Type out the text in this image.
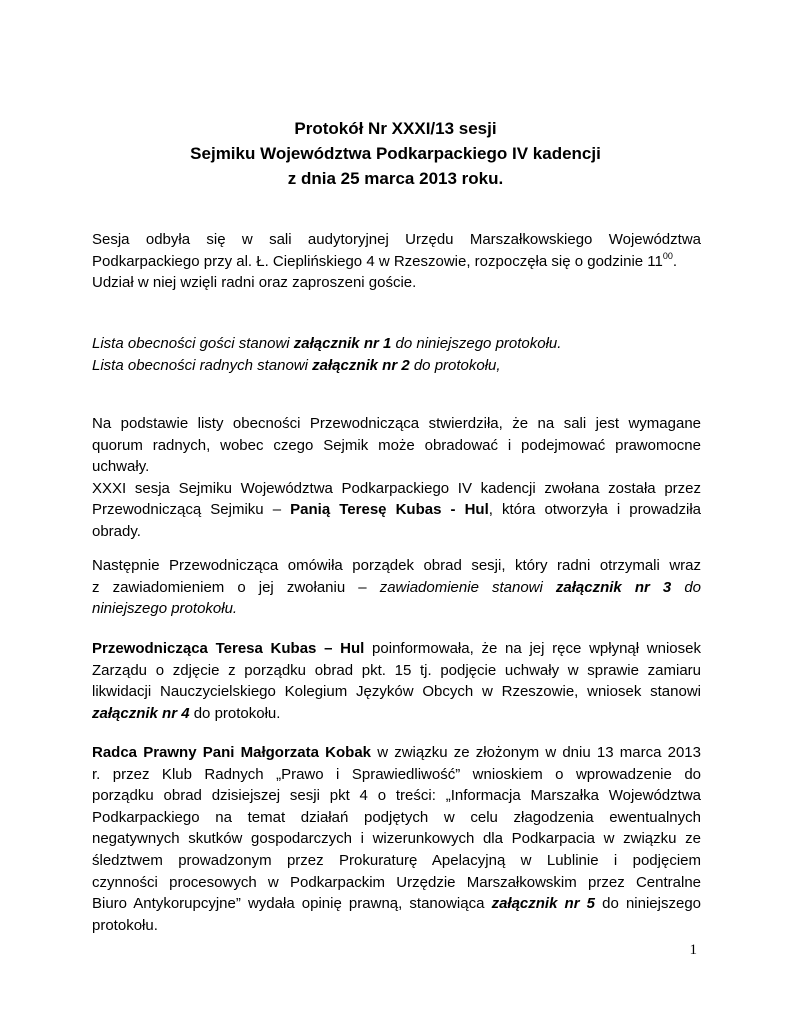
Protokół Nr XXXI/13 sesji
Sejmiku Województwa Podkarpackiego IV kadencji
z dnia 25 marca 2013 roku.
Sesja odbyła się w sali audytoryjnej Urzędu Marszałkowskiego Województwa
Podkarpackiego przy al. Ł. Cieplińskiego 4 w Rzeszowie, rozpoczęła się o godzinie $11^{00}$.
Udział w niej wzięli radni oraz zaproszeni goście.
Lista obecności gości stanowi załącznik nr 1 do niniejszego protokołu.
Lista obecności radnych stanowi załącznik nr 2 do protokołu,
Na podstawie listy obecności Przewodnicząca stwierdziła, że na sali jest wymagane
quorum radnych, wobec czego Sejmik może obradować i podejmować prawomocne
uchwały.
XXXI sesja Sejmiku Województwa Podkarpackiego IV kadencji zwołana została przez
Przewodniczącą Sejmiku – Panią Teresę Kubas - Hul, która otworzyła i prowadziła
obrady.
Następnie Przewodnicząca omówiła porządek obrad sesji, który radni otrzymali wraz
z zawiadomieniem o jej zwołaniu – zawiadomienie stanowi załącznik nr 3 do
niniejszego protokołu.
Przewodnicząca Teresa Kubas – Hul poinformowała, że na jej ręce wpłynął wniosek
Zarządu o zdjęcie z porządku obrad pkt. 15 tj. podjęcie uchwały w sprawie zamiaru
likwidacji Nauczycielskiego Kolegium Języków Obcych w Rzeszowie, wniosek stanowi
załącznik nr 4 do protokołu.
Radca Prawny Pani Małgorzata Kobak w związku ze złożonym w dniu 13 marca 2013
r. przez Klub Radnych „Prawo i Sprawiedliwość” wnioskiem o wprowadzenie do
porządku obrad dzisiejszej sesji pkt 4 o treści: „Informacja Marszałka Województwa
Podkarpackiego na temat działań podjętych w celu złagodzenia ewentualnych
negatywnych skutków gospodarczych i wizerunkowych dla Podkarpacia w związku ze
śledztwem prowadzonym przez Prokuraturę Apelacyjną w Lublinie i podjęciem
czynności procesowych w Podkarpackim Urzędzie Marszałkowskim przez Centralne
Biuro Antykorupcyjne” wydała opinię prawną, stanowiąca załącznik nr 5 do niniejszego
protokołu.
1
